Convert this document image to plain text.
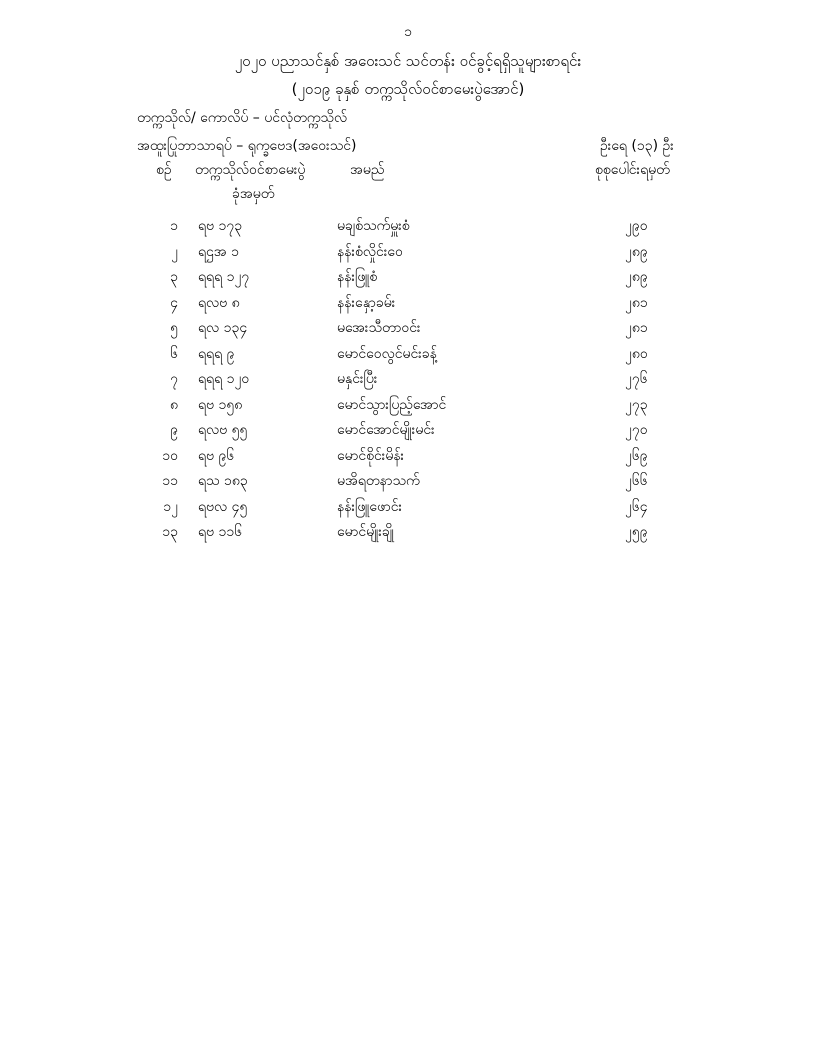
၁
၂၀၂၀ ပညာသင်နှစ် အဝေးသင် သင်တန်း ဝင်ခွင့်ရရှိသူများစာရင်း
(၂၀၁၉ ခုနှစ် တက္ကသိုလ်ဝင်စာမေးပွဲအောင်)
တက္ကသိုလ်/ ကောလိပ် – ပင်လုံတက္ကသိုလ်
အထူးပြုဘာသာရပ် – ရုက္ခဗေဒ(အဝေးသင်)	ဦးရေ (၁၃) ဦး
စဉ် တက္ကသိုလ်ဝင်စာမေးပွဲ
ခုံအမှတ်
အမည်	စုစုပေါင်းရမှတ်
၁ ရဗ ၁၇၃	မချစ်သက်မှူးစံ	၂၉၀
၂ ရဌအ ၁	နန်းစံလှိုင်းဝေ	၂၈၉
၃ ရရရ ၁၂၇	နန်းဖြူစံ	၂၈၉
၄ ရလဗ ၈	နန်းနှော့ခမ်း	၂၈၁
၅ ရလ ၁၃၄	မအေးသီတာဝင်း	၂၈၁
၆ ရရရ ၉	မောင်ဝေလွင်မင်းခန့်	၂၈၀
၇ ရရရ ၁၂၀	မနှင်းပြီး	၂၇၆
၈ ရဗ ၁၅၈	မောင်သွားပြည့်အောင်	၂၇၃
၉ ရလဗ ၅၅	မောင်အောင်မျိုးမင်း	၂၇၀
၁၀ ရဗ ၉၆	မောင်စိုင်းမိန်း	၂၆၉
၁၁ ရသ ၁၈၃	မအိရတနာသက်	၂၆၆
၁၂ ရဗလ ၄၅	နန်းဖြူဖောင်း	၂၆၄
၁၃ ရဗ ၁၁၆	မောင်မျိုးချို	၂၅၉
